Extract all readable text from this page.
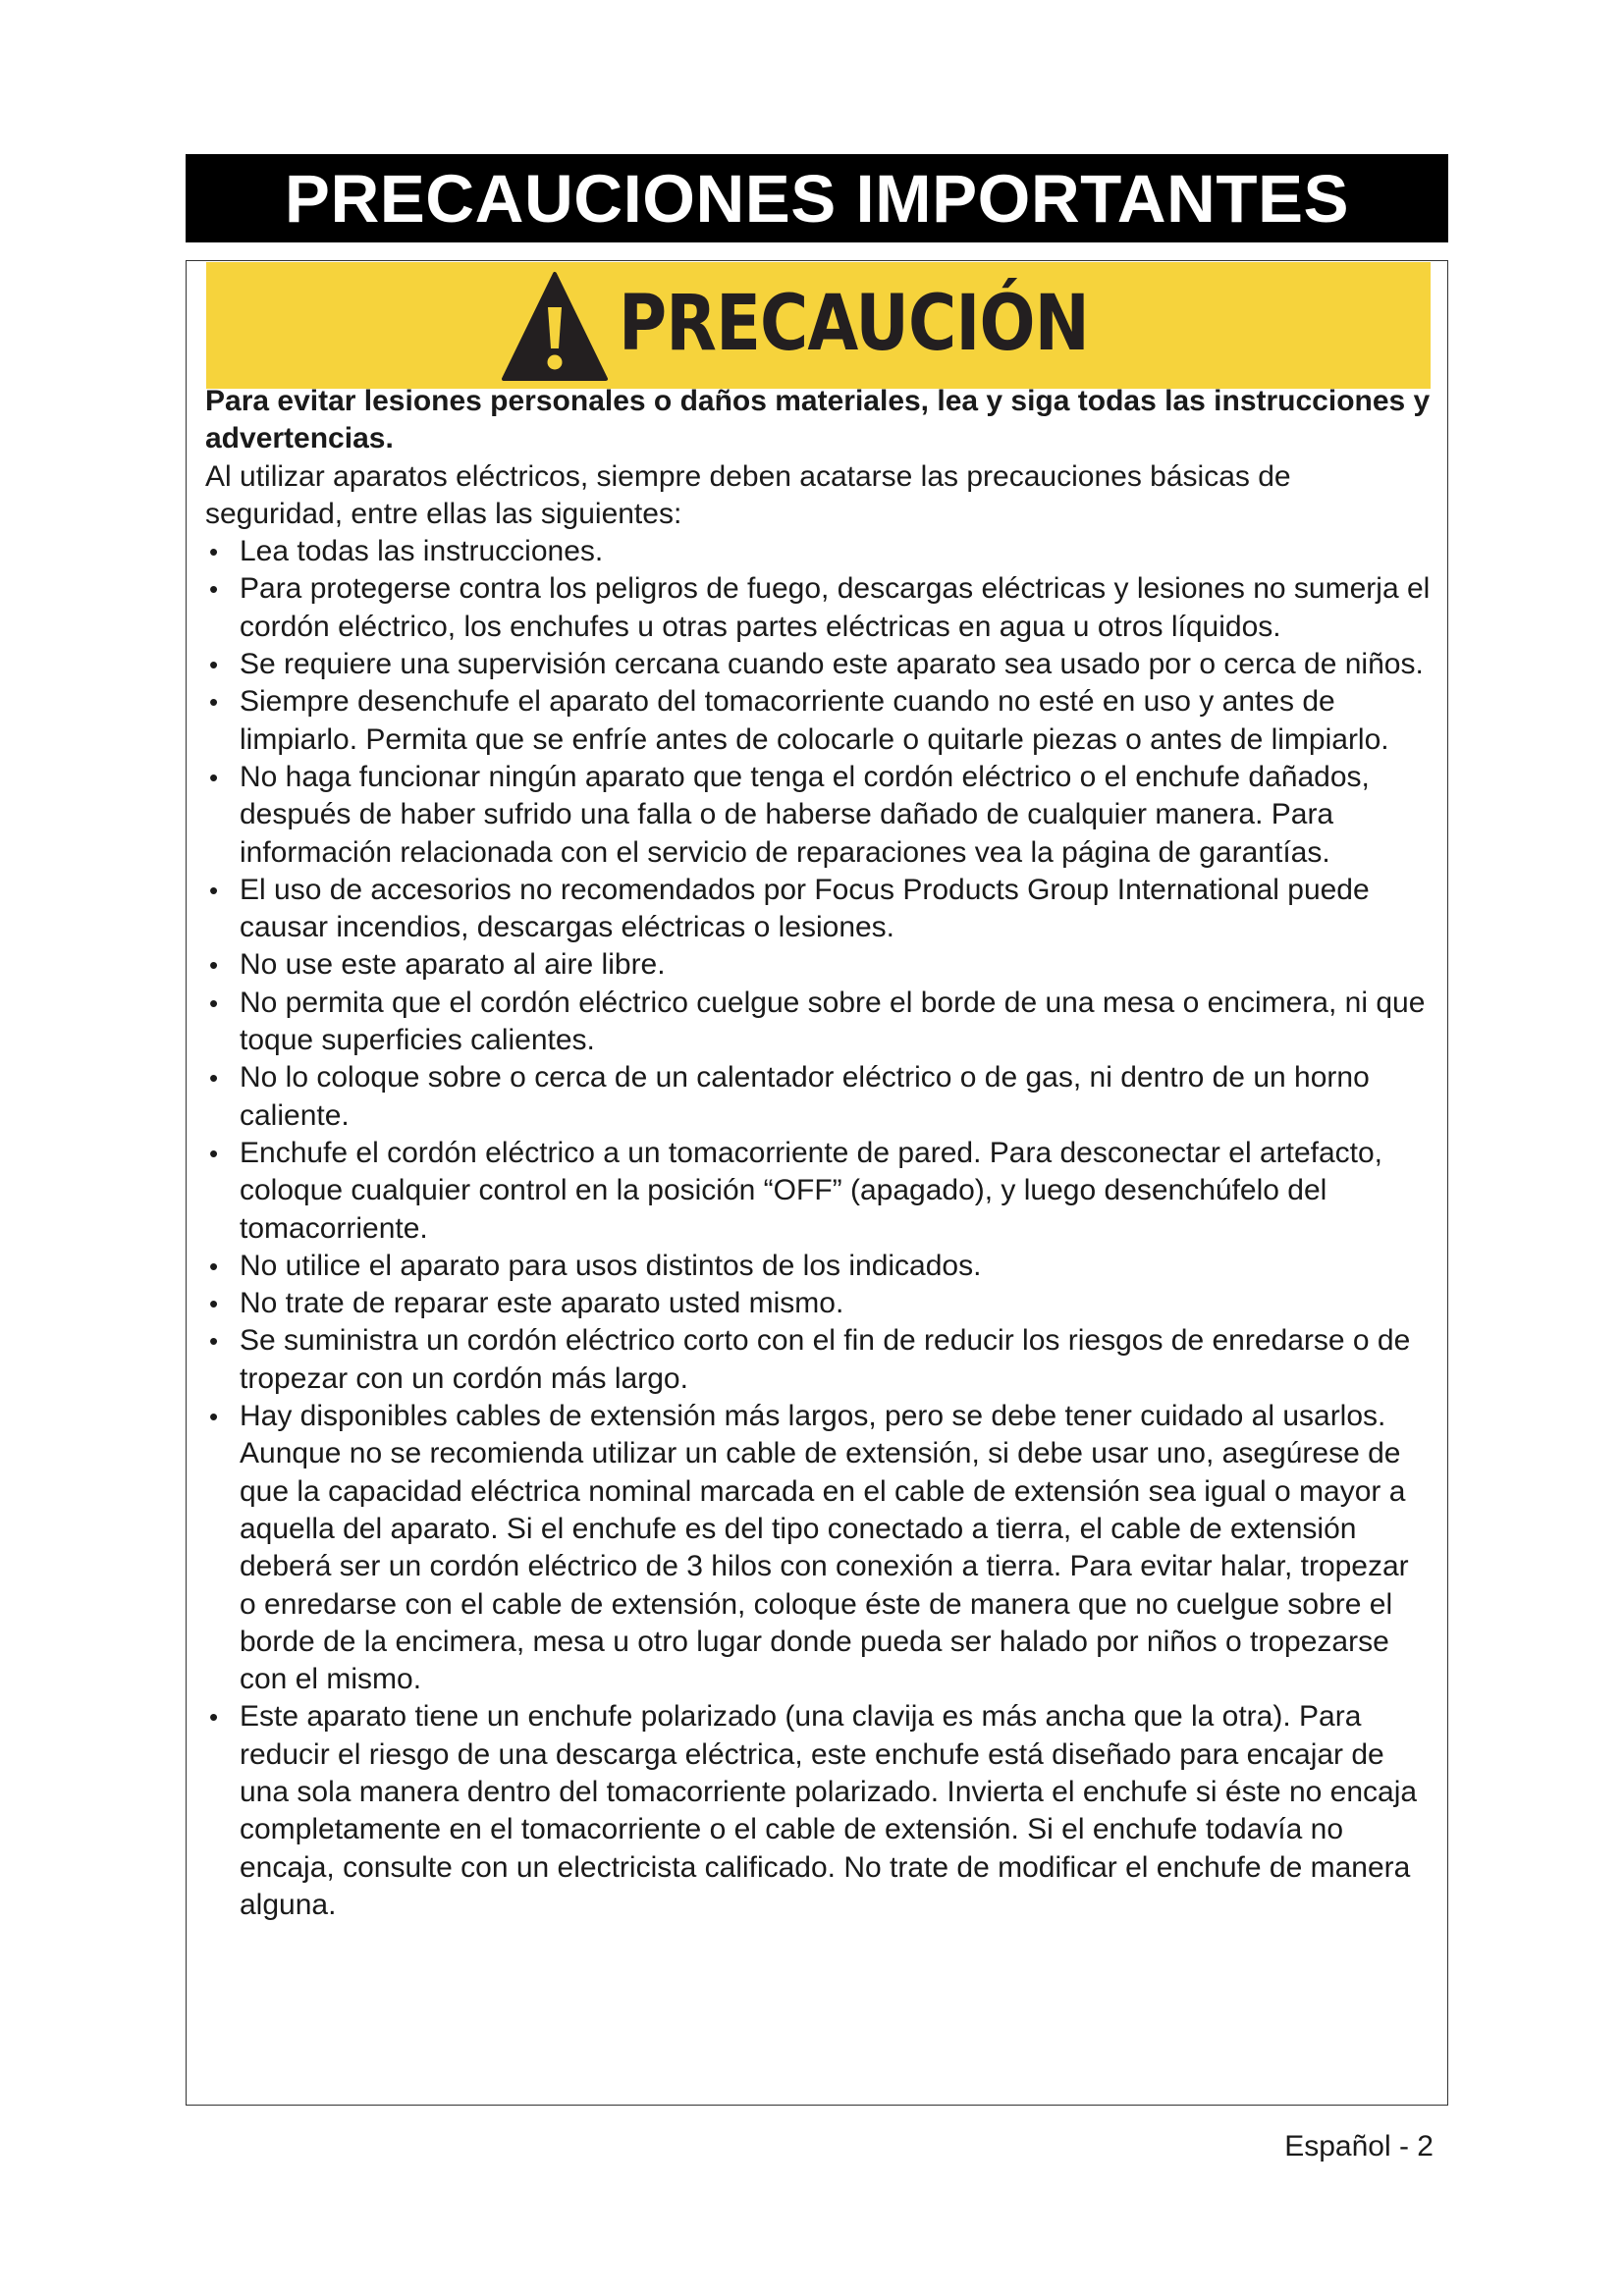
PRECAUCIONES IMPORTANTES
PRECAUCIÓN

Para evitar lesiones personales o daños materiales, lea y siga todas las instrucciones y advertencias.

Al utilizar aparatos eléctricos, siempre deben acatarse las precauciones básicas de seguridad, entre ellas las siguientes:

• Lea todas las instrucciones.
• Para protegerse contra los peligros de fuego, descargas eléctricas y lesiones no sumerja el cordón eléctrico, los enchufes u otras partes eléctricas en agua u otros líquidos.
• Se requiere una supervisión cercana cuando este aparato sea usado por o cerca de niños.
• Siempre desenchufe el aparato del tomacorriente cuando no esté en uso y antes de limpiarlo. Permita que se enfríe antes de colocarle o quitarle piezas o antes de limpiarlo.
• No haga funcionar ningún aparato que tenga el cordón eléctrico o el enchufe dañados, después de haber sufrido una falla o de haberse dañado de cualquier manera. Para información relacionada con el servicio de reparaciones vea la página de garantías.
• El uso de accesorios no recomendados por Focus Products Group International puede causar incendios, descargas eléctricas o lesiones.
• No use este aparato al aire libre.
• No permita que el cordón eléctrico cuelgue sobre el borde de una mesa o encimera, ni que toque superficies calientes.
• No lo coloque sobre o cerca de un calentador eléctrico o de gas, ni dentro de un horno caliente.
• Enchufe el cordón eléctrico a un tomacorriente de pared. Para desconectar el artefacto, coloque cualquier control en la posición “OFF” (apagado), y luego desenchúfelo del tomacorriente.
• No utilice el aparato para usos distintos de los indicados.
• No trate de reparar este aparato usted mismo.
• Se suministra un cordón eléctrico corto con el fin de reducir los riesgos de enredarse o de tropezar con un cordón más largo.
• Hay disponibles cables de extensión más largos, pero se debe tener cuidado al usarlos. Aunque no se recomienda utilizar un cable de extensión, si debe usar uno, asegúrese de que la capacidad eléctrica nominal marcada en el cable de extensión sea igual o mayor a aquella del aparato. Si el enchufe es del tipo conectado a tierra, el cable de extensión deberá ser un cordón eléctrico de 3 hilos con conexión a tierra. Para evitar halar, tropezar o enredarse con el cable de extensión, coloque éste de manera que no cuelgue sobre el borde de la encimera, mesa u otro lugar donde pueda ser halado por niños o tropezarse con el mismo.
• Este aparato tiene un enchufe polarizado (una clavija es más ancha que la otra). Para reducir el riesgo de una descarga eléctrica, este enchufe está diseñado para encajar de una sola manera dentro del tomacorriente polarizado. Invierta el enchufe si éste no encaja completamente en el tomacorriente o el cable de extensión. Si el enchufe todavía no encaja, consulte con un electricista calificado. No trate de modificar el enchufe de manera alguna.
Español - 2
